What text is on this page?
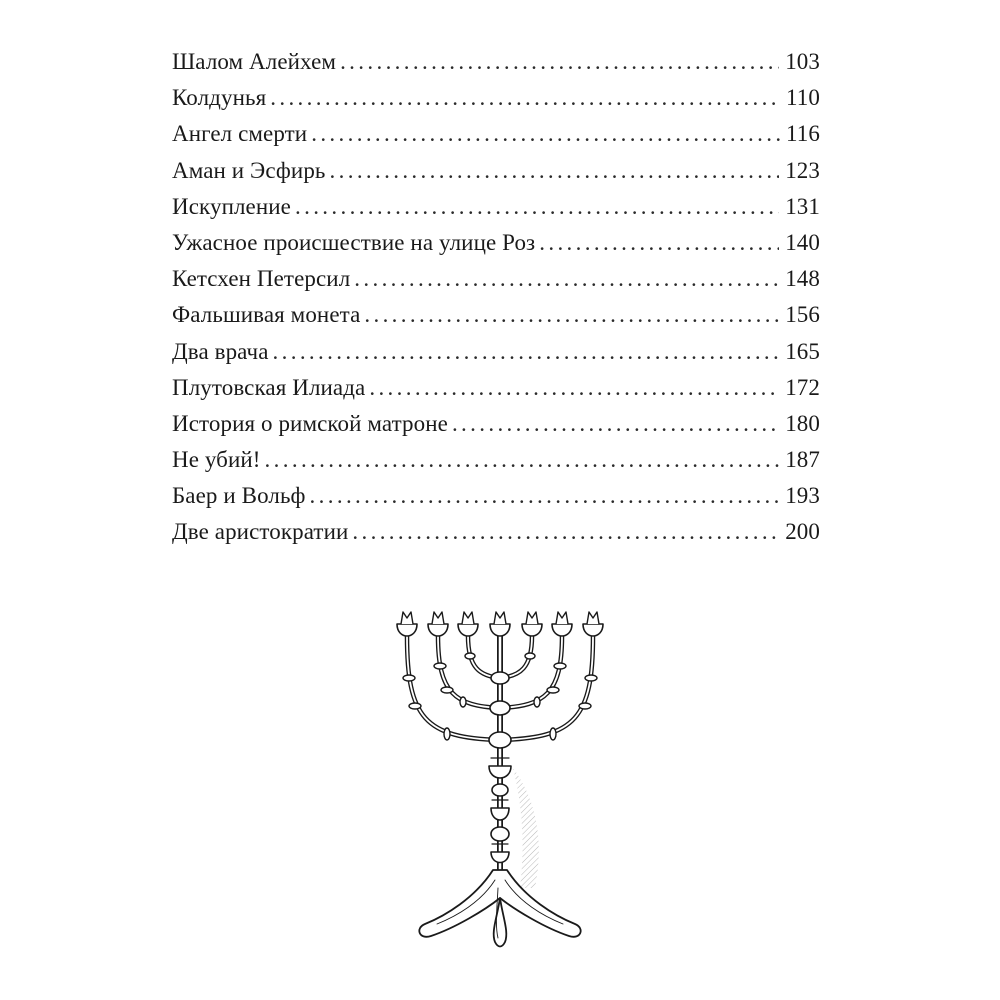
Шалом Алейхем . . .	103
Колдунья . . .	110
Ангел смерти . . .	116
Аман и Эсфирь . . .	123
Искупление . . .	131
Ужасное происшествие на улице Роз . . .	140
Кетсхен Петерсил . . .	148
Фальшивая монета . . .	156
Два врача . . .	165
Плутовская Илиада . . .	172
История о римской матроне . . .	180
Не убий! . . .	187
Баер и Вольф . . .	193
Две аристократии . . .	200
